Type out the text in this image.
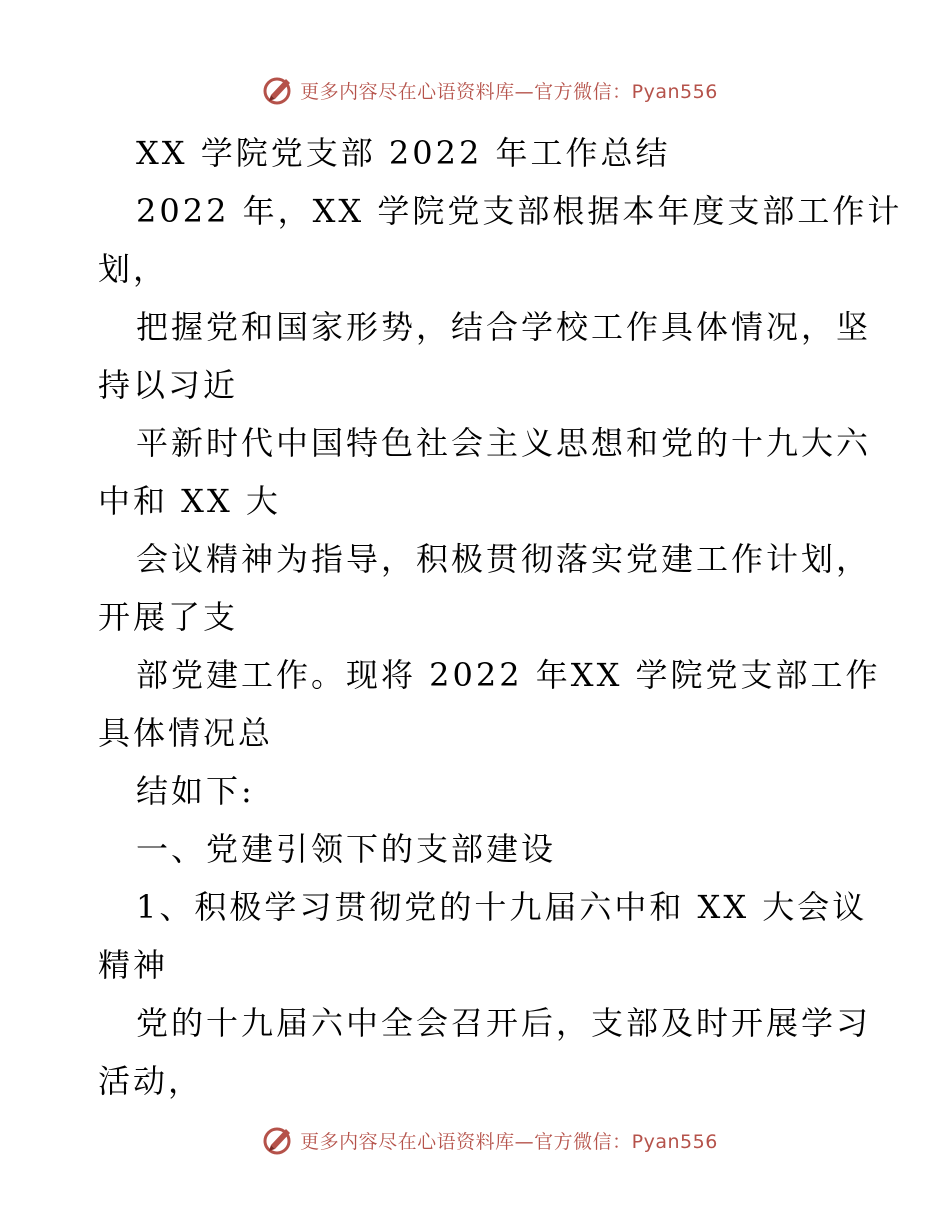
更多内容尽在心语资料库—官方微信：Pyan556
XX 学院党支部 2022 年工作总结
2022 年，XX 学院党支部根据本年度支部工作计
划，
把握党和国家形势，结合学校工作具体情况，坚
持以习近
平新时代中国特色社会主义思想和党的十九大六
中和 XX 大
会议精神为指导，积极贯彻落实党建工作计划，
开展了支
部党建工作。现将 2022 年XX 学院党支部工作
具体情况总
结如下:
一、党建引领下的支部建设
1、积极学习贯彻党的十九届六中和 XX 大会议
精神
党的十九届六中全会召开后，支部及时开展学习
活动，
更多内容尽在心语资料库—官方微信：Pyan556
